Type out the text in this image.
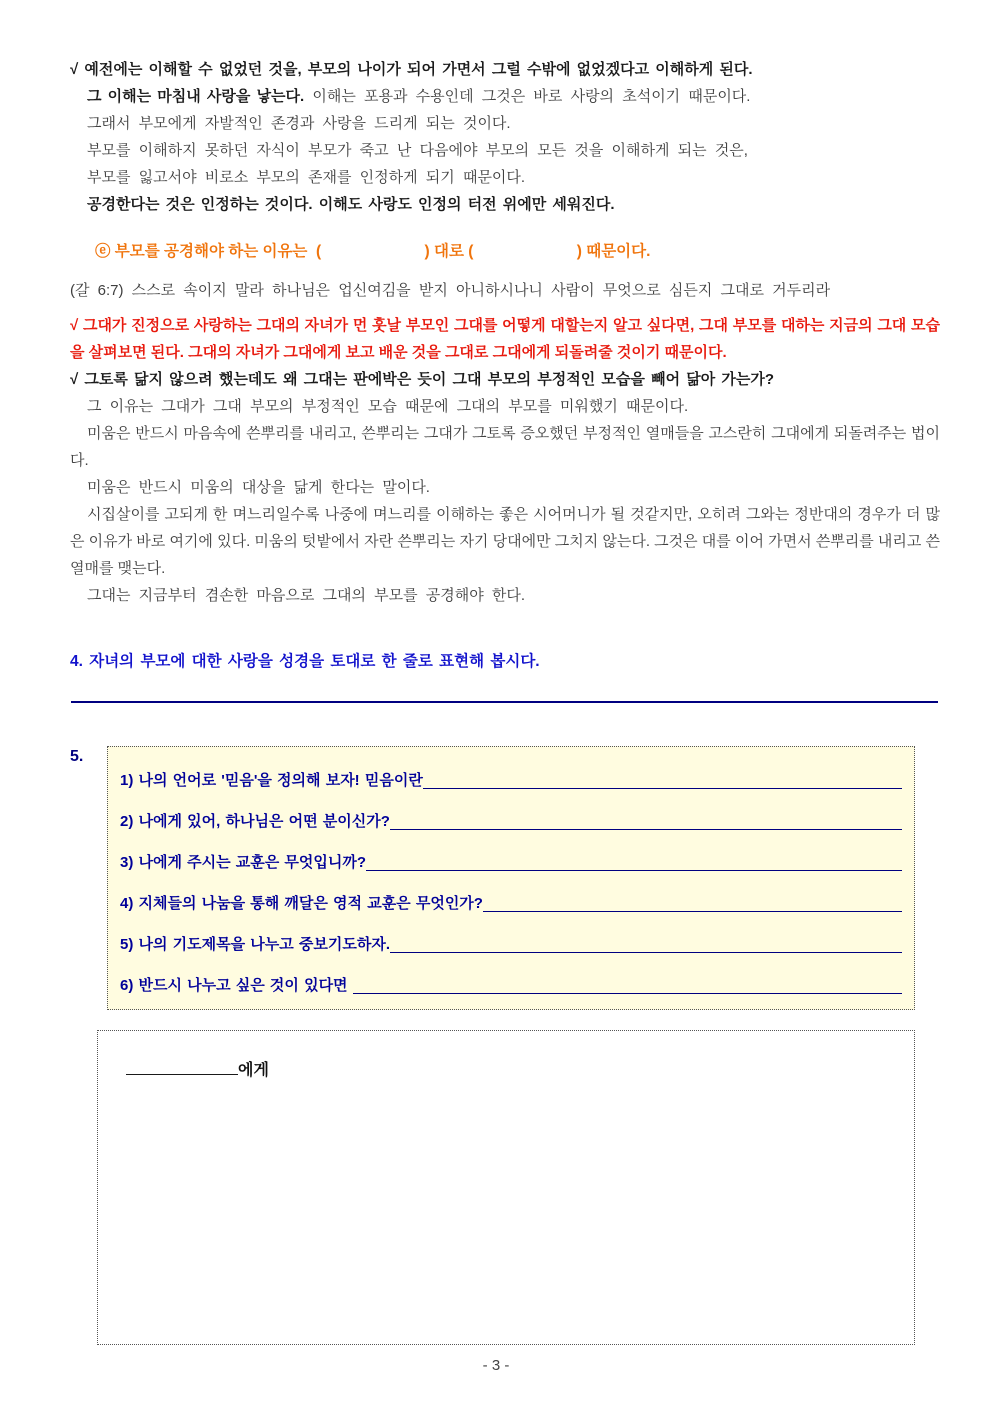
√ 예전에는 이해할 수 없었던 것을, 부모의 나이가 되어 가면서 그럴 수밖에 없었겠다고 이해하게 된다.
그 이해는 마침내 사랑을 낳는다. 이해는 포용과 수용인데 그것은 바로 사랑의 초석이기 때문이다.
그래서 부모에게 자발적인 존경과 사랑을 드리게 되는 것이다.
부모를 이해하지 못하던 자식이 부모가 죽고 난 다음에야 부모의 모든 것을 이해하게 되는 것은,
부모를 잃고서야 비로소 부모의 존재를 인정하게 되기 때문이다.
공경한다는 것은 인정하는 것이다. 이해도 사랑도 인정의 터전 위에만 세워진다.
ⓔ 부모를 공경해야 하는 이유는  (                        ) 대로 (                        ) 때문이다.
(갈 6:7) 스스로 속이지 말라 하나님은 업신여김을 받지 아니하시나니 사람이 무엇으로 심든지 그대로 거두리라

√ 그대가 진정으로 사랑하는 그대의 자녀가 먼 훗날 부모인 그대를 어떻게 대할는지 알고 싶다면, 그대 부모를 대하는 지금의 그대 모습을 살펴보면 된다. 그대의 자녀가 그대에게 보고 배운 것을 그대로 그대에게 되돌려줄 것이기 때문이다.

√ 그토록 닮지 않으려 했는데도 왜 그대는 판에박은 듯이 그대 부모의 부정적인 모습을 빼어 닮아 가는가?
그 이유는 그대가 그대 부모의 부정적인 모습 때문에 그대의 부모를 미워했기 때문이다.

미움은 반드시 마음속에 쓴뿌리를 내리고, 쓴뿌리는 그대가 그토록 증오했던 부정적인 열매들을 고스란히 그대에게 되돌려주는 법이다.

미움은 반드시 미움의 대상을 닮게 한다는 말이다.

시집살이를 고되게 한 며느리일수록 나중에 며느리를 이해하는 좋은 시어머니가 될 것같지만, 오히려 그와는 정반대의 경우가 더 많은 이유가 바로 여기에 있다. 미움의 텃밭에서 자란 쓴뿌리는 자기 당대에만 그치지 않는다. 그것은 대를 이어 가면서 쓴뿌리를 내리고 쓴열매를 맺는다.

그대는 지금부터 겸손한 마음으로 그대의 부모를 공경해야 한다.
4. 자녀의 부모에 대한 사랑을 성경을 토대로 한 줄로 표현해 봅시다.
5.
1) 나의 언어로 '믿음'을 정의해 보자! 믿음이란
2) 나에게 있어, 하나님은 어떤 분이신가?
3) 나에게 주시는 교훈은 무엇입니까?
4) 지체들의 나눔을 통해 깨달은 영적 교훈은 무엇인가?
5) 나의 기도제목을 나누고 중보기도하자.
6) 반드시 나누고 싶은 것이 있다면
에게
- 3 -
